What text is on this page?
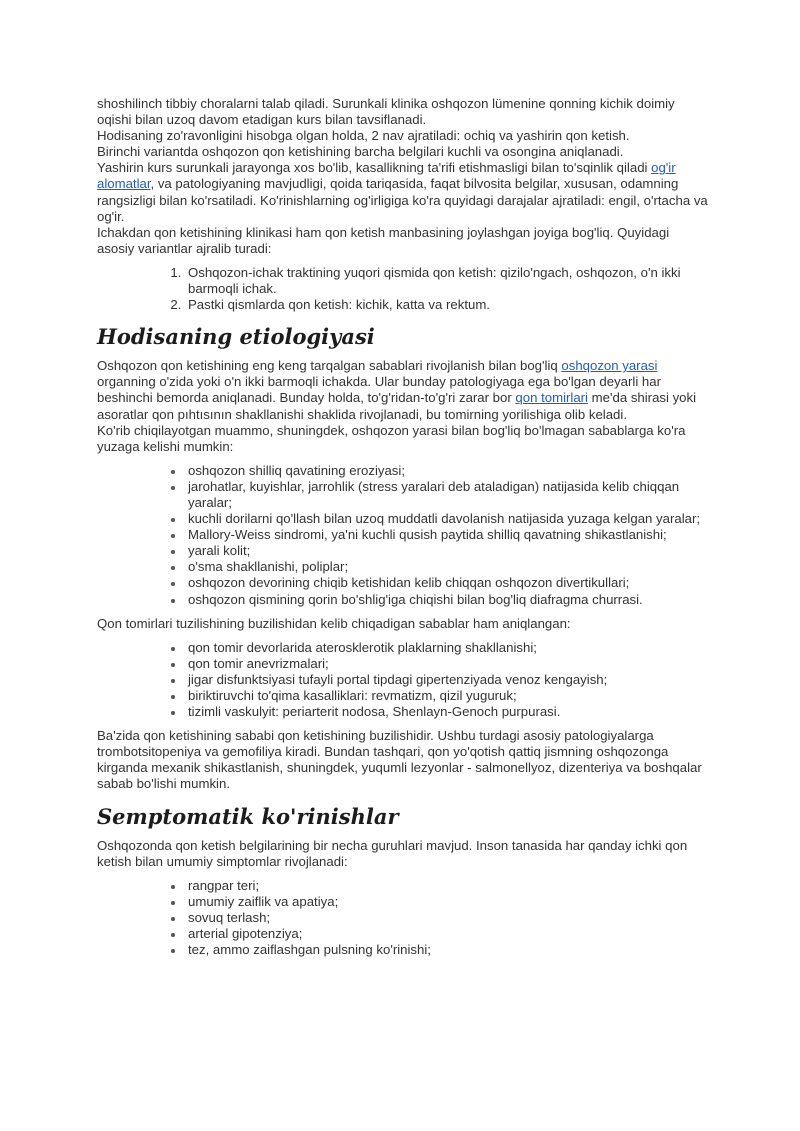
shoshilinch tibbiy choralarni talab qiladi. Surunkali klinika oshqozon lümenine qonning kichik doimiy oqishi bilan uzoq davom etadigan kurs bilan tavsiflanadi.

Hodisaning zo'ravonligini hisobga olgan holda, 2 nav ajratiladi: ochiq va yashirin qon ketish.

Birinchi variantda oshqozon qon ketishining barcha belgilari kuchli va osongina aniqlanadi.

Yashirin kurs surunkali jarayonga xos bo'lib, kasallikning ta'rifi etishmasligi bilan to'sqinlik qiladi og'ir alomatlar, va patologiyaning mavjudligi, qoida tariqasida, faqat bilvosita belgilar, xususan, odamning rangsizligi bilan ko'rsatiladi. Ko'rinishlarning og'irligiga ko'ra quyidagi darajalar ajratiladi: engil, o'rtacha va og'ir.

Ichakdan qon ketishining klinikasi ham qon ketish manbasining joylashgan joyiga bog'liq. Quyidagi asosiy variantlar ajralib turadi:

1. Oshqozon-ichak traktining yuqori qismida qon ketish: qizilo'ngach, oshqozon, o'n ikki barmoqli ichak.
2. Pastki qismlarda qon ketish: kichik, katta va rektum.
Hodisaning etiologiyasi

Oshqozon qon ketishining eng keng tarqalgan sabablari rivojlanish bilan bog'liq oshqozon yarasi organning o'zida yoki o'n ikki barmoqli ichakda. Ular bunday patologiyaga ega bo'lgan deyarli har beshinchi bemorda aniqlanadi. Bunday holda, to'g'ridan-to'g'ri zarar bor qon tomirlari me'da shirasi yoki asoratlar qon pıhtısının shakllanishi shaklida rivojlanadi, bu tomirning yorilishiga olib keladi.

Ko'rib chiqilayotgan muammo, shuningdek, oshqozon yarasi bilan bog'liq bo'lmagan sabablarga ko'ra yuzaga kelishi mumkin:

• oshqozon shilliq qavatining eroziyasi;
• jarohatlar, kuyishlar, jarrohlik (stress yaralari deb ataladigan) natijasida kelib chiqqan yaralar;
• kuchli dorilarni qo'llash bilan uzoq muddatli davolanish natijasida yuzaga kelgan yaralar;
• Mallory-Weiss sindromi, ya'ni kuchli qusish paytida shilliq qavatning shikastlanishi;
• yarali kolit;
• o'sma shakllanishi, poliplar;
• oshqozon devorining chiqib ketishidan kelib chiqqan oshqozon divertikullari;
• oshqozon qismining qorin bo'shlig'iga chiqishi bilan bog'liq diafragma churrasi.

Qon tomirlari tuzilishining buzilishidan kelib chiqadigan sabablar ham aniqlangan:

• qon tomir devorlarida aterosklerotik plaklarning shakllanishi;
• qon tomir anevrizmalari;
• jigar disfunktsiyasi tufayli portal tipdagi gipertenziyada venoz kengayish;
• biriktiruvchi to'qima kasalliklari: revmatizm, qizil yuguruk;
• tizimli vaskulyit: periarterit nodosa, Shenlayn-Genoch purpurasi.

Ba'zida qon ketishining sababi qon ketishining buzilishidir. Ushbu turdagi asosiy patologiyalarga trombotsitopeniya va gemofiliya kiradi. Bundan tashqari, qon yo'qotish qattiq jismning oshqozonga kirganda mexanik shikastlanish, shuningdek, yuqumli lezyonlar - salmonellyoz, dizenteriya va boshqalar sabab bo'lishi mumkin.

Semptomatik ko'rinishlar

Oshqozonda qon ketish belgilarining bir necha guruhlari mavjud. Inson tanasida har qanday ichki qon ketish bilan umumiy simptomlar rivojlanadi:

• rangpar teri;
• umumiy zaiflik va apatiya;
• sovuq terlash;
• arterial gipotenziya;
• tez, ammo zaiflashgan pulsning ko'rinishi;
